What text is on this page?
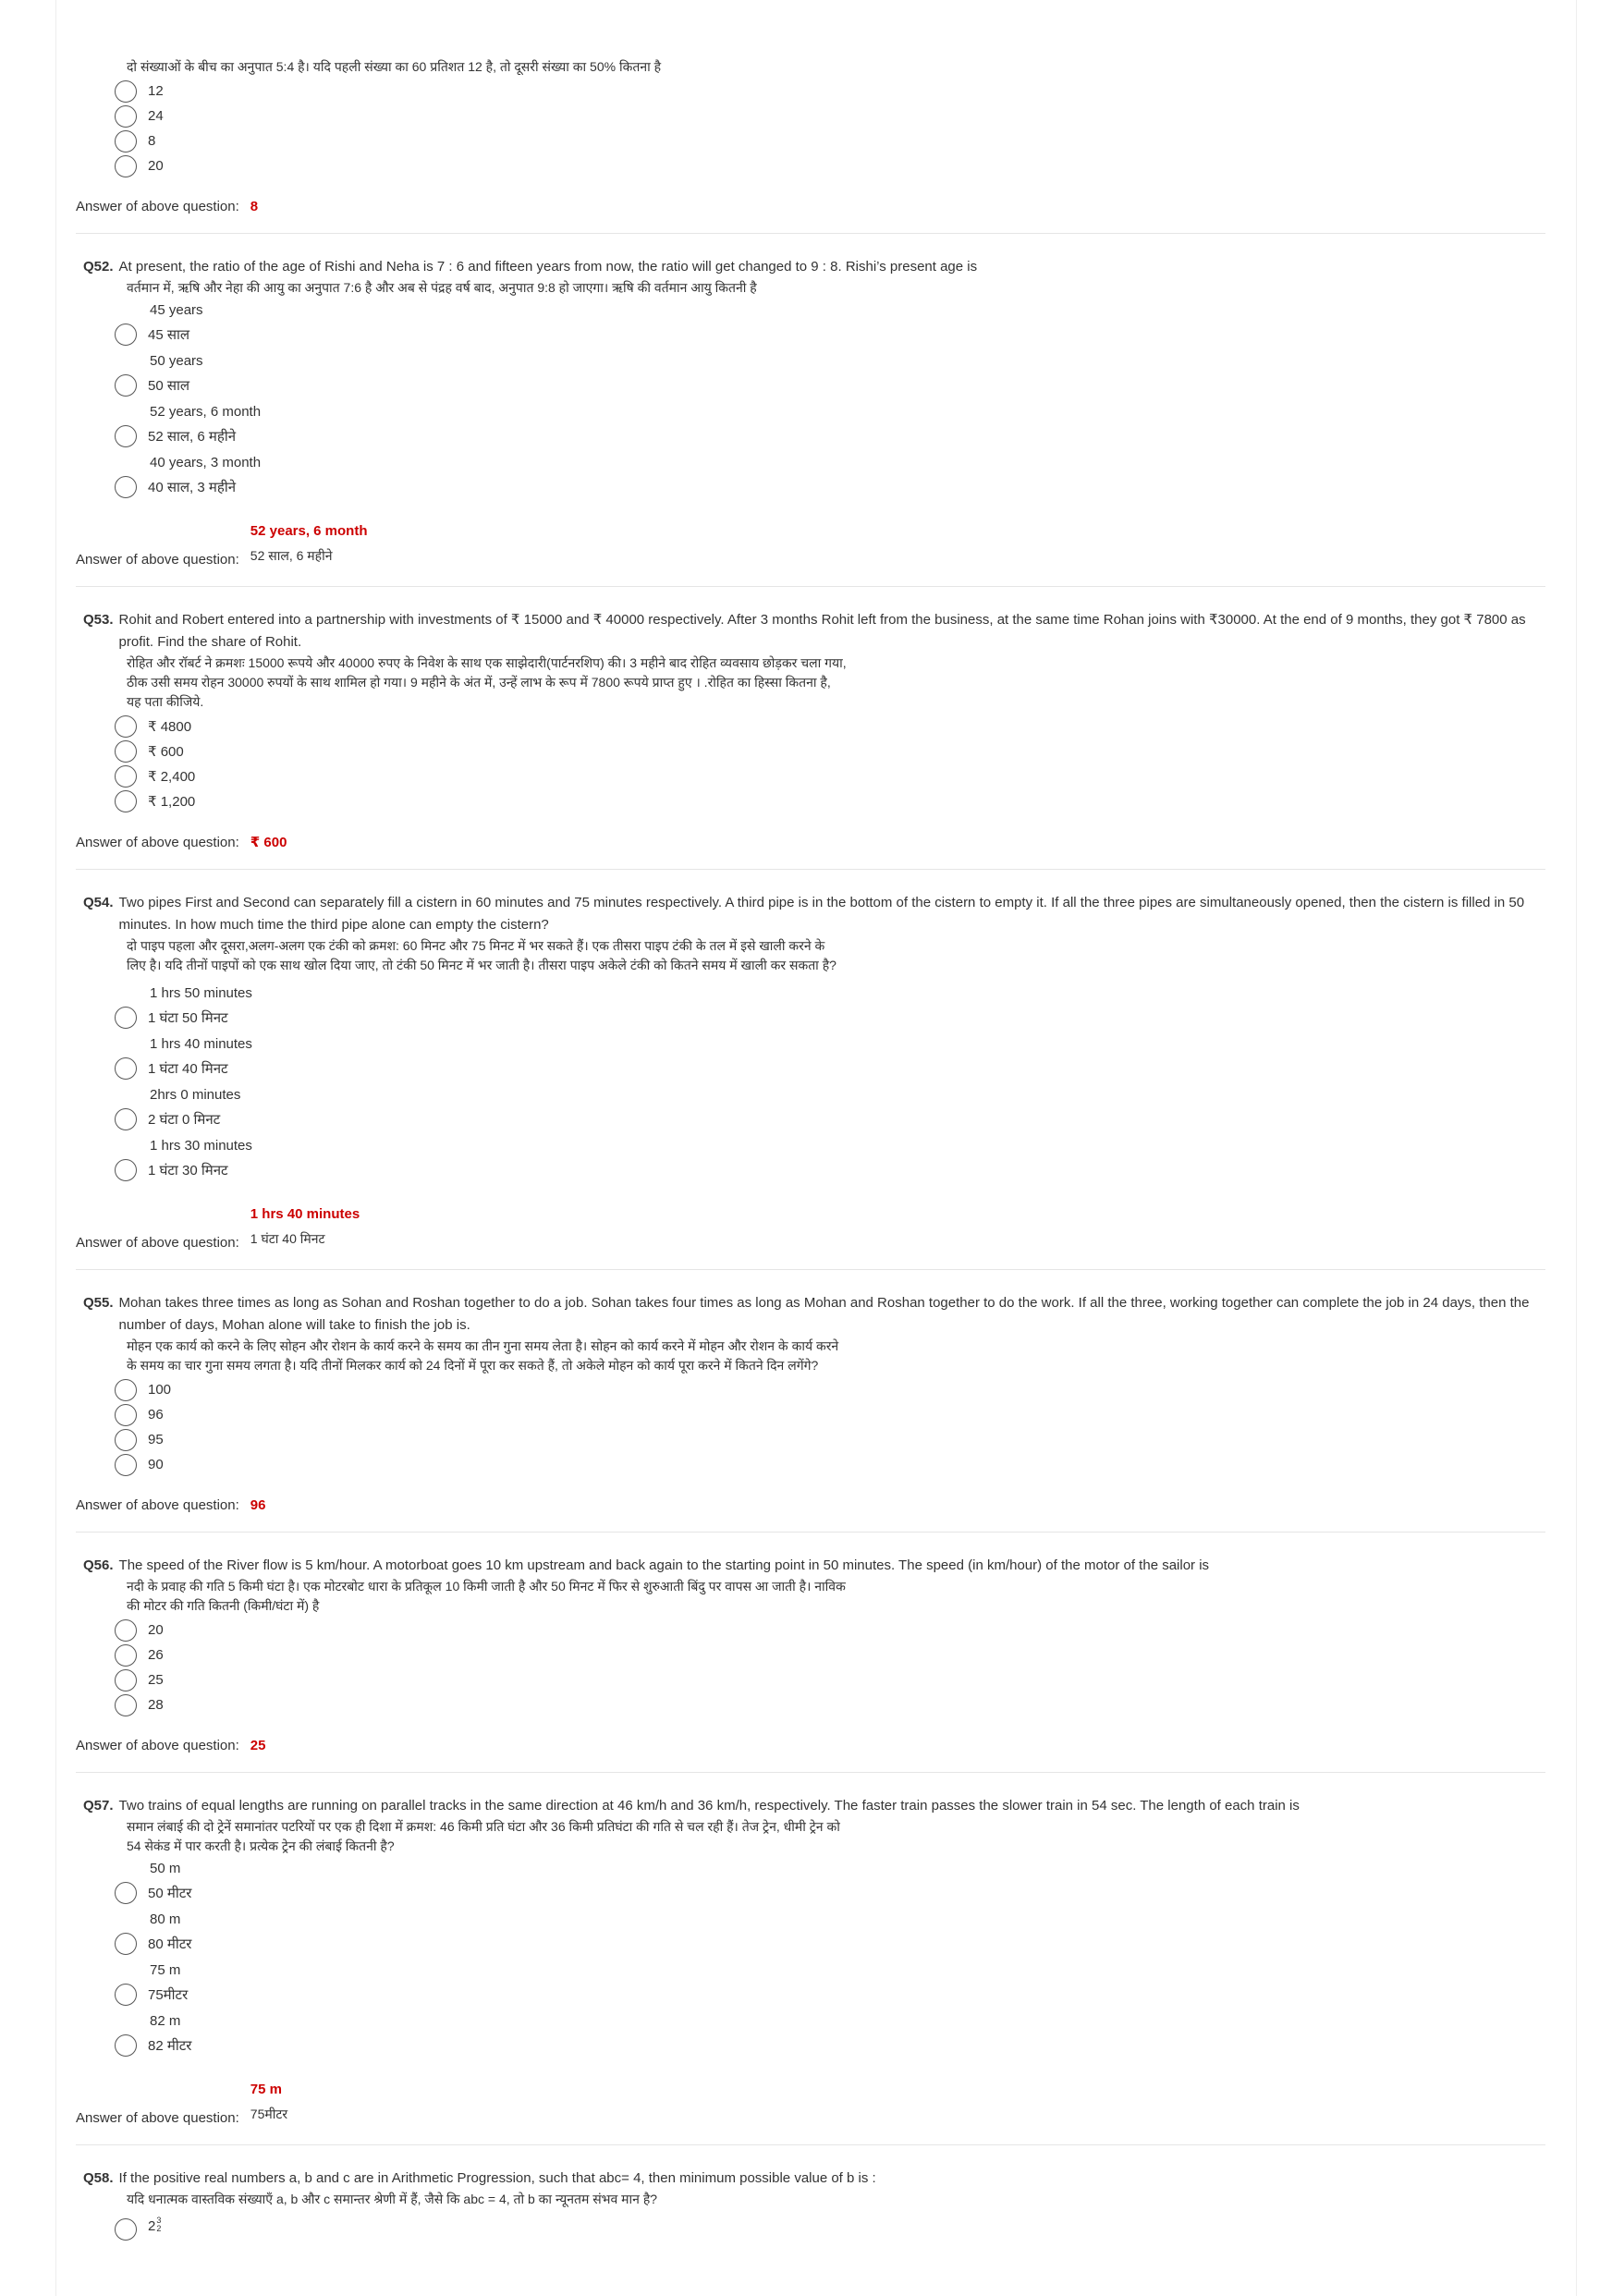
दो संख्याओं के बीच का अनुपात 5:4 है। यदि पहली संख्या का 60 प्रतिशत 12 है, तो दूसरी संख्या का 50% कितना है
12
24
8
20
Answer of above question: 8
Q52. At present, the ratio of the age of Rishi and Neha is 7 : 6 and fifteen years from now, the ratio will get changed to 9 : 8. Rishi’s present age is
वर्तमान में, ऋषि और नेहा की आयु का अनुपात 7:6 है और अब से पंद्रह वर्ष बाद, अनुपात 9:8 हो जाएगा। ऋषि की वर्तमान आयु कितनी है
45 years
45 साल
50 years
50 साल
52 years, 6 month
52 साल, 6 महीने
40 years, 3 month
40 साल, 3 महीने
Answer of above question:
52 years, 6 month
52 साल, 6 महीने
Q53. Rohit and Robert entered into a partnership with investments of ₹ 15000 and ₹ 40000 respectively. After 3 months Rohit left from the business, at the same time Rohan joins with ₹30000. At the end of 9 months, they got ₹ 7800 as profit. Find the share of Rohit.
रोहित और रॉबर्ट ने क्रमशः 15000 रूपये और 40000 रुपए के निवेश के साथ एक साझेदारी(पार्टनरशिप) की। 3 महीने बाद रोहित व्यवसाय छोड़कर चला गया, ठीक उसी समय रोहन 30000 रुपयों के साथ शामिल हो गया। 9 महीने के अंत में, उन्हें लाभ के रूप में 7800 रूपये प्राप्त हुए । .रोहित का हिस्सा कितना है, यह पता कीजिये.
₹ 4800
₹ 600
₹ 2,400
₹ 1,200
Answer of above question: ₹ 600
Q54. Two pipes First and Second can separately fill a cistern in 60 minutes and 75 minutes respectively. A third pipe is in the bottom of the cistern to empty it. If all the three pipes are simultaneously opened, then the cistern is filled in 50 minutes. In how much time the third pipe alone can empty the cistern?
दो पाइप पहला और दूसरा,अलग-अलग एक टंकी को क्रमश: 60 मिनट और 75 मिनट में भर सकते हैं। एक तीसरा पाइप टंकी के तल में इसे खाली करने के लिए है। यदि तीनों पाइपों को एक साथ खोल दिया जाए, तो टंकी 50 मिनट में भर जाती है। तीसरा पाइप अकेले टंकी को कितने समय में खाली कर सकता है?
1 hrs 50 minutes
1 घंटा 50 मिनट
1 hrs 40 minutes
1 घंटा 40 मिनट
2hrs 0 minutes
2 घंटा 0 मिनट
1 hrs 30 minutes
1 घंटा 30 मिनट
Answer of above question:
1 hrs 40 minutes
1 घंटा 40 मिनट
Q55. Mohan takes three times as long as Sohan and Roshan together to do a job. Sohan takes four times as long as Mohan and Roshan together to do the work. If all the three, working together can complete the job in 24 days, then the number of days, Mohan alone will take to finish the job is.
मोहन एक कार्य को करने के लिए सोहन और रोशन के कार्य करने के समय का तीन गुना समय लेता है। सोहन को कार्य करने में मोहन और रोशन के कार्य करने के समय का चार गुना समय लगता है। यदि तीनों मिलकर कार्य को 24 दिनों में पूरा कर सकते हैं, तो अकेले मोहन को कार्य पूरा करने में कितने दिन लगेंगे?
100
96
95
90
Answer of above question: 96
Q56. The speed of the River flow is 5 km/hour. A motorboat goes 10 km upstream and back again to the starting point in 50 minutes. The speed (in km/hour) of the motor of the sailor is
नदी के प्रवाह की गति 5 किमी घंटा है। एक मोटरबोट धारा के प्रतिकूल 10 किमी जाती है और 50 मिनट में फिर से शुरुआती बिंदु पर वापस आ जाती है। नाविक की मोटर की गति कितनी (किमी/घंटा में) है
20
26
25
28
Answer of above question: 25
Q57. Two trains of equal lengths are running on parallel tracks in the same direction at 46 km/h and 36 km/h, respectively. The faster train passes the slower train in 54 sec. The length of each train is
समान लंबाई की दो ट्रेनें समानांतर पटरियों पर एक ही दिशा में क्रमश: 46 किमी प्रति घंटा और 36 किमी प्रतिघंटा की गति से चल रही हैं। तेज ट्रेन, धीमी ट्रेन को 54 सेकंड में पार करती है। प्रत्येक ट्रेन की लंबाई कितनी है?
50 m
50 मीटर
80 m
80 मीटर
75 m
75मीटर
82 m
82 मीटर
Answer of above question:
75 m
75मीटर
Q58. If the positive real numbers a, b and c are in Arithmetic Progression, such that abc= 4, then minimum possible value of b is :
यदि धनात्मक वास्तविक संख्याएँ a, b और c समान्तर श्रेणी में हैं, जैसे कि abc = 4, तो b का न्यूनतम संभव मान है?
2 3
2
